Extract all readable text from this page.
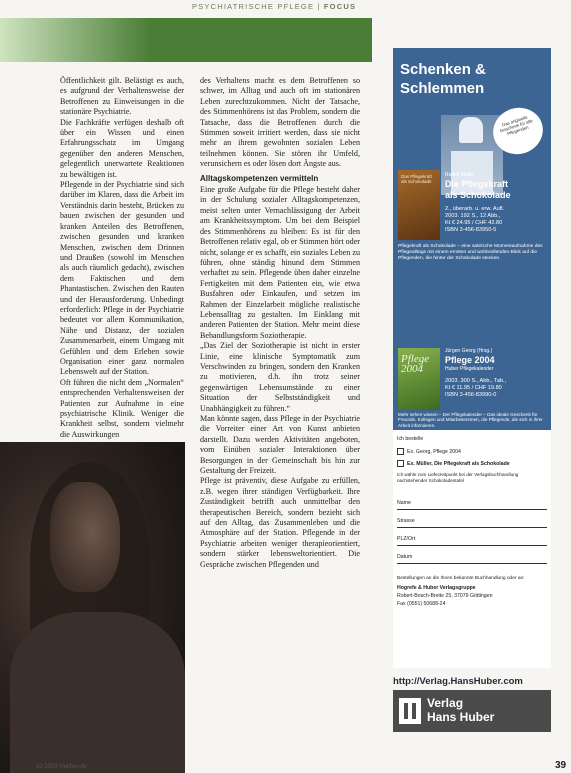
PSYCHIATRISCHE PFLEGE | FOCUS

Öffentlichkeit gilt. Belästigt es auch, es aufgrund der Verhaltensweise der Betroffenen zu Einweisungen in die stationäre Psychiatrie.

Die Fachkräfte verfügen deshalb oft über ein Wissen und einen Erfahrungsschatz im Umgang gegenüber den anderen Menschen, gelegentlich unerwartete Reaktionen zu bewältigen ist.

Pflegende in der Psychiatrie sind sich darüber im Klaren, dass die Arbeit im Verständnis darin besteht, Brücken zu bauen zwischen der gesunden und kranken Anteilen des Betroffenen, zwischen gesunden und kranken Menschen, zwischen dem Drinnen und Draußen (sowohl im Menschen als auch räumlich gedacht), zwischen dem Faktischen und dem Phantastischen. Zwischen den Rauten und der Herausforderung. Unbedingt erforderlich: Pflege in der Psychiatrie bedeutet vor allem Kommunikation, Nähe und Distanz, der sozialen Zusammenarbeit, einem Umgang mit Gefühlen und dem Erleben sowie Organisation einer ganz normalen Lebenswelt auf der Station.

Oft führen die nicht dem „Normalen“ entsprechenden Verhaltensweisen der Patienten zur Aufnahme in eine psychiatrische Klinik. Weniger die Krankheit selbst, sondern vielmehr die Auswirkungen

des Verhaltens macht es dem Betroffenen so schwer, im Alltag und auch oft im stationären Leben zurechtzukommen. Nicht der Tatsache, des Stimmenhörens ist das Problem, sondern die Tatsache, dass die Betroffenen durch die Stimmen soweit irritiert werden, dass sie nicht mehr an ihrem gewohnten sozialen Leben teilnehmen können. Sie stören ihr Umfeld, verunsichern es oder lösen dort Ängste aus.

Alltagskompetenzen vermitteln

Eine große Aufgabe für die Pflege besteht daher in der Schulung sozialer Alltagskompetenzen, meist selten unter Vernachlässigung der Arbeit am Krankheitssymptom. Um bei dem Beispiel des Stimmenhörens zu bleiben: Es ist für den Betroffenen relativ egal, ob er Stimmen hört oder nicht, solange er es schafft, ein soziales Leben zu führen, ohne ständig hinund dem Stimmen verhaftet zu sein. Pflegende üben daher einzelne Fertigkeiten mit dem Patienten ein, wie etwa Busfahren oder Einkaufen, und setzen im Rahmen der Einzelarbeit mögliche realistische Lebensalltag zu gestalten. Im Einklang mit anderen Patienten der Station. Mehr meint diese Behandlungsform Soziotherapie.

„Das Ziel der Soziotherapie ist nicht in erster Linie, eine klinische Symptomatik zum Verschwinden zu bringen, sondern den Kranken zu motivieren, d.h. ihn trotz seiner gegenwärtigen Lebensumstände zu einer Situation der Selbstständigkeit und Unabhängigkeit zu führen.“

Man könnte sagen, dass Pflege in der Psychiatrie die Vorreiter einer Art von Kunst anbieten darstellt. Dazu werden Aktivitäten angeboten, vom Einüben sozialer Interaktionen über Besorgungen in der Gemeinschaft bis hin zur Gestaltung der Freizeit.

Pflege ist präventiv, diese Aufgabe zu erfüllen, z.B. wegen ihrer ständigen Verfügbarkeit. Ihre Zuständigkeit betrifft auch unmittelbar den therapeutischen Bereich, sondern bezieht sich auf den Alltag, das Zusammenleben und die Atmosphäre auf der Station. Pflegende in der Psychiatrie arbeiten weniger therapieorientiert, sondern stärker lebensweltorientiert. Die Gespräche zwischen Pflegenden und

Schenken &
Schlemmen
Das originelle Geschenk für alle Pflegenden
Das Pflegekraft als Schokolade
Rudolf Müller
Die Pflegekraft
als Schokolade
2., überarb. u. erw. Aufl.
2003. 192 S., 12 Abb.,
Kt € 24.95 / CHF 42.80
ISBN 3-456-83950-5
Pflegekraft als Schokolade – eine satirische Momentaufnahme des Pflegealltags mit einem ernsten und wohlwollenden Blick auf die Pflegenden, die hinter der Schokolade stecken.
Pflege 2004
Jürgen Georg (Hrsg.)
Pflege 2004
Huber Pflegekalender
2003. 300 S., Abb., Tab.,
Kt € 11.95 / CHF 19.80
ISBN 3-456-83990-0
Mehr sehen wissen – Der Pflegekalender – Das ideale Geschenk für Freunde, Kollegen und Mitarbeiterinnen, die Pflegende, die sich in ihrer Arbeit informieren.
Ich bestelle
Ex. Georg, Pflege 2004
Ex. Müller, Die Pflegekraft als Schokolade
Ich wähle zum Lieferzeitpunkt bei der Verlagsbuchhandlung nachstehender Schokoladentafel
Name
Strasse
PLZ/Ort
Datum
Bestellungen an die Ihnen bekannte Buchhandlung oder an:
Hogrefe & Huber Verlagsgruppe
Robert-Bosch-Breite 25, 37079 Göttingen
Fax (0551) 50688-24
http://Verlag.HansHuber.com
Verlag
Hans Huber
10 2003 Heilberufe	39
